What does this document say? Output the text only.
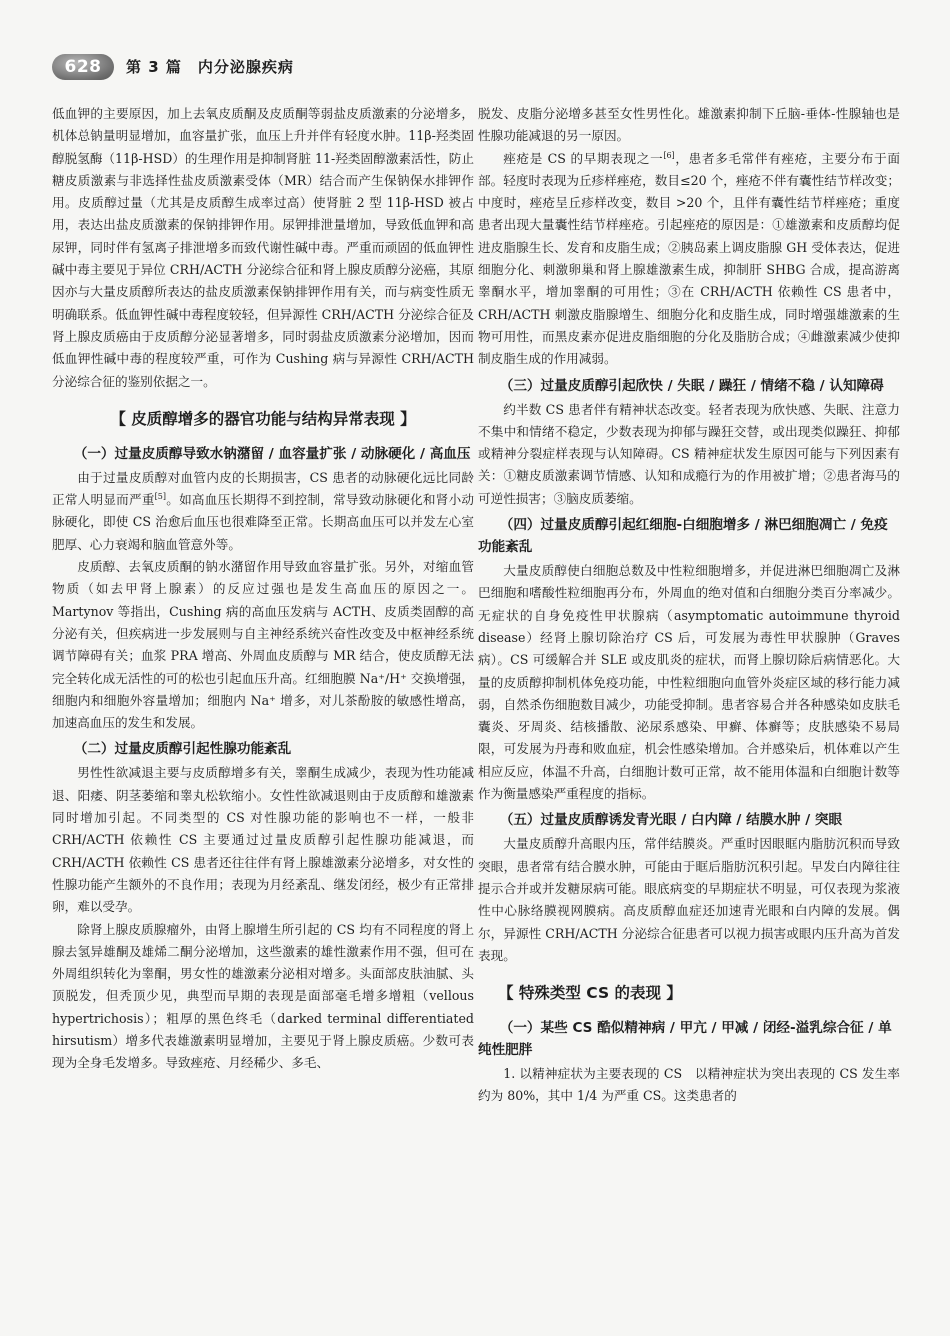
628	第 3 篇　内分泌腺疾病

低血钾的主要原因，加上去氧皮质酮及皮质酮等弱盐皮质激素的分泌增多，机体总钠量明显增加，血容量扩张，血压上升并伴有轻度水肿。11β-羟类固醇脱氢酶（11β-HSD）的生理作用是抑制肾脏 11-羟类固醇激素活性，防止糖皮质激素与非选择性盐皮质激素受体（MR）结合而产生保钠保水排钾作用。皮质醇过量（尤其是皮质醇生成率过高）使肾脏 2 型 11β-HSD 被占用，表达出盐皮质激素的保钠排钾作用。尿钾排泄量增加，导致低血钾和高尿钾，同时伴有氢离子排泄增多而致代谢性碱中毒。严重而顽固的低血钾性碱中毒主要见于异位 CRH/ACTH 分泌综合征和肾上腺皮质醇分泌癌，其原因亦与大量皮质醇所表达的盐皮质激素保钠排钾作用有关，而与病变性质无明确联系。低血钾性碱中毒程度较轻，但异源性 CRH/ACTH 分泌综合征及肾上腺皮质癌由于皮质醇分泌显著增多，同时弱盐皮质激素分泌增加，因而低血钾性碱中毒的程度较严重，可作为 Cushing 病与异源性 CRH/ACTH 分泌综合征的鉴别依据之一。

【 皮质醇增多的器官功能与结构异常表现 】
（一）过量皮质醇导致水钠潴留 / 血容量扩张 / 动脉硬化 / 高血压

由于过量皮质醇对血管内皮的长期损害，CS 患者的动脉硬化远比同龄正常人明显而严重[5]。如高血压长期得不到控制，常导致动脉硬化和肾小动脉硬化，即使 CS 治愈后血压也很难降至正常。长期高血压可以并发左心室肥厚、心力衰竭和脑血管意外等。

皮质醇、去氧皮质酮的钠水潴留作用导致血容量扩张。另外，对缩血管物质（如去甲肾上腺素）的反应过强也是发生高血压的原因之一。Martynov 等指出，Cushing 病的高血压发病与 ACTH、皮质类固醇的高分泌有关，但疾病进一步发展则与自主神经系统兴奋性改变及中枢神经系统调节障碍有关；血浆 PRA 增高、外周血皮质醇与 MR 结合，使皮质醇无法完全转化成无活性的可的松也引起血压升高。红细胞膜 Na⁺/H⁺ 交换增强，细胞内和细胞外容量增加；细胞内 Na⁺ 增多，对儿茶酚胺的敏感性增高，加速高血压的发生和发展。

（二）过量皮质醇引起性腺功能紊乱

男性性欲减退主要与皮质醇增多有关，睾酮生成减少，表现为性功能减退、阳痿、阴茎萎缩和睾丸松软缩小。女性性欲减退则由于皮质醇和雄激素同时增加引起。不同类型的 CS 对性腺功能的影响也不一样，一般非 CRH/ACTH 依赖性 CS 主要通过过量皮质醇引起性腺功能减退，而 CRH/ACTH 依赖性 CS 患者还往往伴有肾上腺雄激素分泌增多，对女性的性腺功能产生额外的不良作用；表现为月经紊乱、继发闭经，极少有正常排卵，难以受孕。

除肾上腺皮质腺瘤外，由肾上腺增生所引起的 CS 均有不同程度的肾上腺去氢异雄酮及雄烯二酮分泌增加，这些激素的雄性激素作用不强，但可在外周组织转化为睾酮，男女性的雄激素分泌相对增多。头面部皮肤油腻、头顶脱发，但秃顶少见，典型而早期的表现是面部毫毛增多增粗（vellous hypertrichosis）；粗厚的黑色终毛（darked terminal differentiated hirsutism）增多代表雄激素明显增加，主要见于肾上腺皮质癌。少数可表现为全身毛发增多。导致痤疮、月经稀少、多毛、

脱发、皮脂分泌增多甚至女性男性化。雄激素抑制下丘脑-垂体-性腺轴也是性腺功能减退的另一原因。

痤疮是 CS 的早期表现之一[6]，患者多毛常伴有痤疮，主要分布于面部。轻度时表现为丘疹样痤疮，数目≤20 个，痤疮不伴有囊性结节样改变；中度时，痤疮呈丘疹样改变，数目 >20 个，且伴有囊性结节样痤疮；重度患者出现大量囊性结节样痤疮。引起痤疮的原因是：①雄激素和皮质醇均促进皮脂腺生长、发育和皮脂生成；②胰岛素上调皮脂腺 GH 受体表达，促进细胞分化、刺激卵巢和肾上腺雄激素生成，抑制肝 SHBG 合成，提高游离睾酮水平，增加睾酮的可用性；③在 CRH/ACTH 依赖性 CS 患者中，CRH/ACTH 刺激皮脂腺增生、细胞分化和皮脂生成，同时增强雄激素的生物可用性，而黑皮素亦促进皮脂细胞的分化及脂肪合成；④雌激素减少使抑制皮脂生成的作用减弱。

（三）过量皮质醇引起欣快 / 失眠 / 躁狂 / 情绪不稳 / 认知障碍

约半数 CS 患者伴有精神状态改变。轻者表现为欣快感、失眠、注意力不集中和情绪不稳定，少数表现为抑郁与躁狂交替，或出现类似躁狂、抑郁或精神分裂症样表现与认知障碍。CS 精神症状发生原因可能与下列因素有关：①糖皮质激素调节情感、认知和成瘾行为的作用被扩增；②患者海马的可逆性损害；③脑皮质萎缩。

（四）过量皮质醇引起红细胞-白细胞增多 / 淋巴细胞凋亡 / 免疫功能紊乱

大量皮质醇使白细胞总数及中性粒细胞增多，并促进淋巴细胞凋亡及淋巴细胞和嗜酸性粒细胞再分布，外周血的绝对值和白细胞分类百分率减少。无症状的自身免疫性甲状腺病（asymptomatic autoimmune thyroid disease）经肾上腺切除治疗 CS 后，可发展为毒性甲状腺肿（Graves 病）。CS 可缓解合并 SLE 或皮肌炎的症状，而肾上腺切除后病情恶化。大量的皮质醇抑制机体免疫功能，中性粒细胞向血管外炎症区域的移行能力减弱，自然杀伤细胞数目减少，功能受抑制。患者容易合并各种感染如皮肤毛囊炎、牙周炎、结核播散、泌尿系感染、甲癣、体癣等；皮肤感染不易局限，可发展为丹毒和败血症，机会性感染增加。合并感染后，机体难以产生相应反应，体温不升高，白细胞计数可正常，故不能用体温和白细胞计数等作为衡量感染严重程度的指标。

（五）过量皮质醇诱发青光眼 / 白内障 / 结膜水肿 / 突眼

大量皮质醇升高眼内压，常伴结膜炎。严重时因眼眶内脂肪沉积而导致突眼，患者常有结合膜水肿，可能由于眶后脂肪沉积引起。早发白内障往往提示合并或并发糖尿病可能。眼底病变的早期症状不明显，可仅表现为浆液性中心脉络膜视网膜病。高皮质醇血症还加速青光眼和白内障的发展。偶尔，异源性 CRH/ACTH 分泌综合征患者可以视力损害或眼内压升高为首发表现。

【 特殊类型 CS 的表现 】
（一）某些 CS 酷似精神病 / 甲亢 / 甲减 / 闭经-溢乳综合征 / 单纯性肥胖

1. 以精神症状为主要表现的 CS　以精神症状为突出表现的 CS 发生率约为 80%，其中 1/4 为严重 CS。这类患者的
